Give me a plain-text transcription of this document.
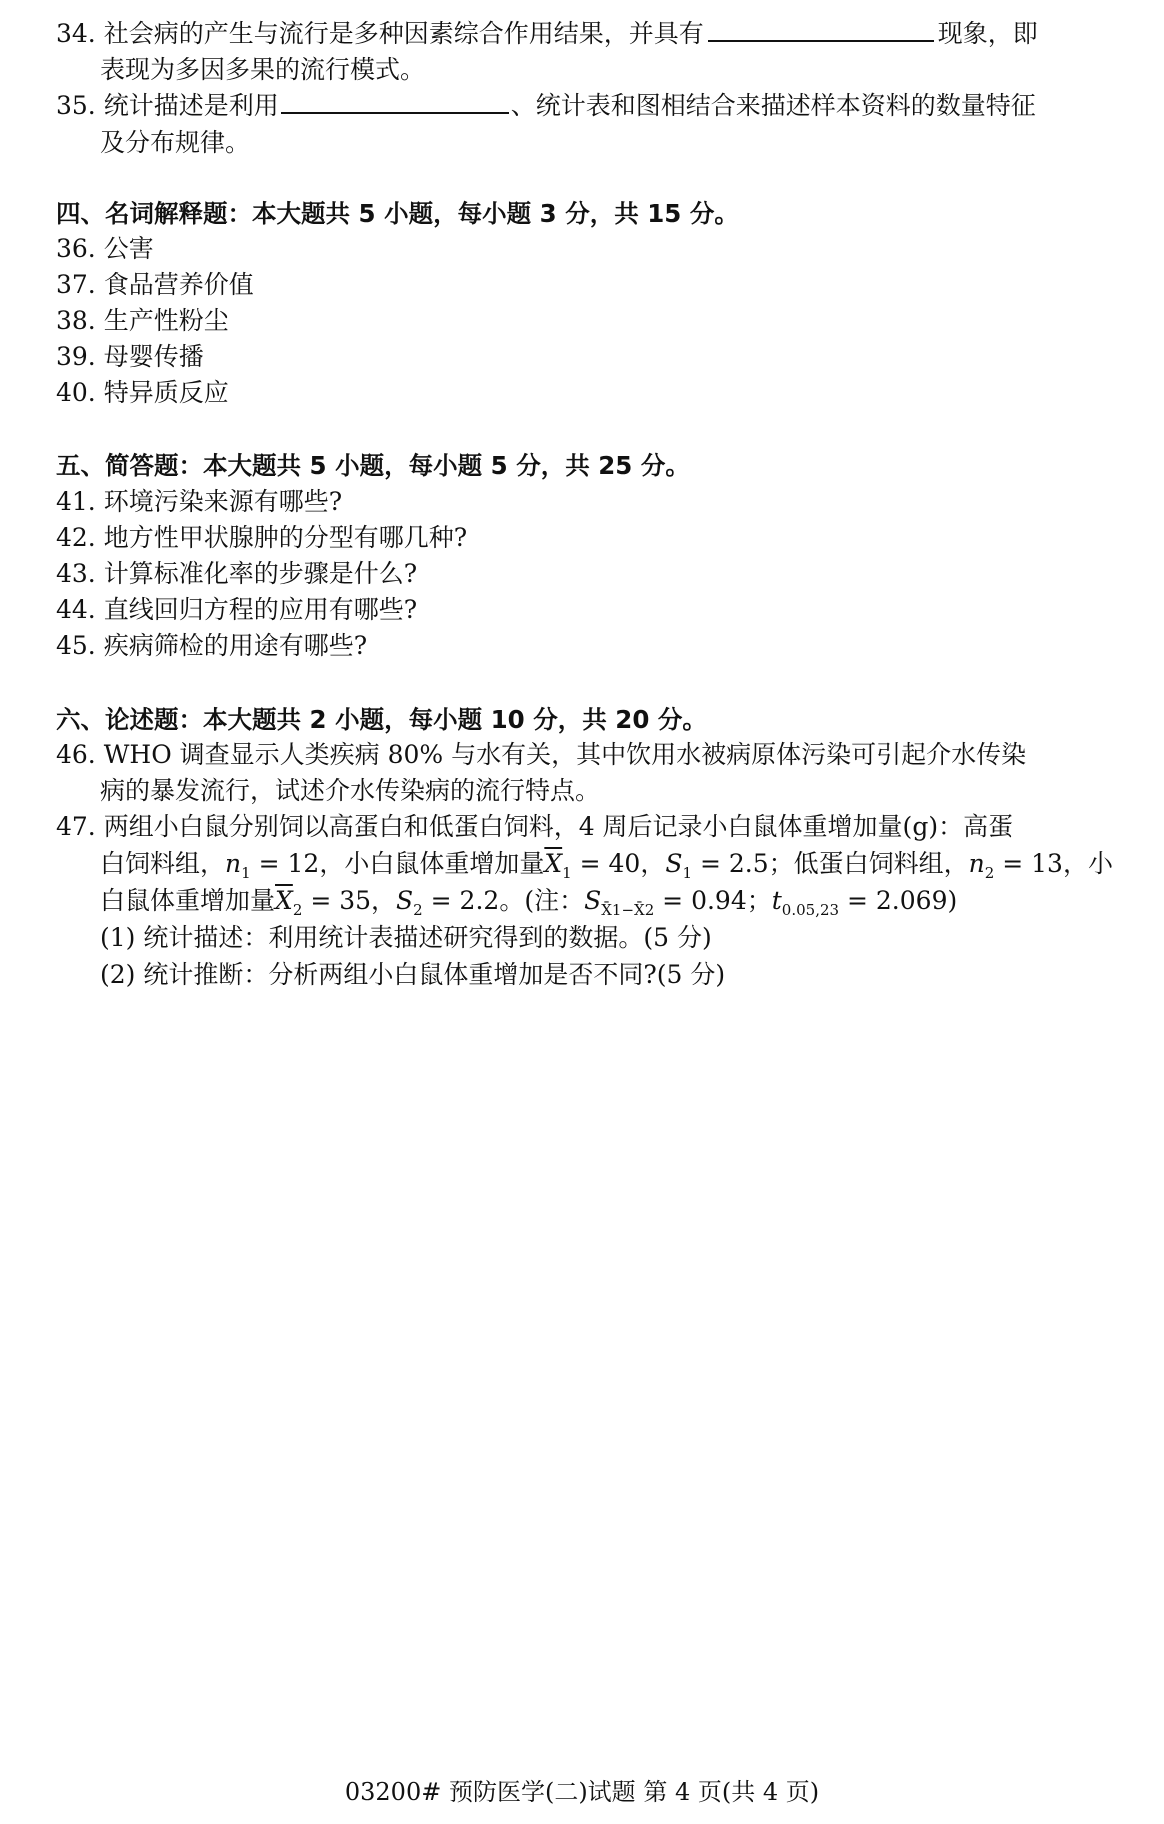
34. 社会病的产生与流行是多种因素综合作用结果，并具有	现象，即
表现为多因多果的流行模式。
35. 统计描述是利用	、统计表和图相结合来描述样本资料的数量特征
及分布规律。
四、名词解释题：本大题共 5 小题，每小题 3 分，共 15 分。
36. 公害
37. 食品营养价值
38. 生产性粉尘
39. 母婴传播
40. 特异质反应
五、简答题：本大题共 5 小题，每小题 5 分，共 25 分。
41. 环境污染来源有哪些?
42. 地方性甲状腺肿的分型有哪几种?
43. 计算标准化率的步骤是什么?
44. 直线回归方程的应用有哪些?
45. 疾病筛检的用途有哪些?
六、论述题：本大题共 2 小题，每小题 10 分，共 20 分。
46. WHO 调查显示人类疾病 80% 与水有关，其中饮用水被病原体污染可引起介水传染
病的暴发流行，试述介水传染病的流行特点。
47. 两组小白鼠分别饲以高蛋白和低蛋白饲料，4 周后记录小白鼠体重增加量(g)：高蛋
白饲料组，$n_1 = 12$，小白鼠体重增加量$\overline{X}_1 = 40$，$S_1 = 2.5$；低蛋白饲料组，$n_2 = 13$，小
白鼠体重增加量$\overline{X}_2 = 35$，$S_2 = 2.2$。(注：$S_{X̄1-X̄2} = 0.94$；$t_{0.05,23} = 2.069$)
(1) 统计描述：利用统计表描述研究得到的数据。(5 分)
(2) 统计推断：分析两组小白鼠体重增加是否不同?(5 分)
03200# 预防医学(二)试题 第 4 页(共 4 页)
